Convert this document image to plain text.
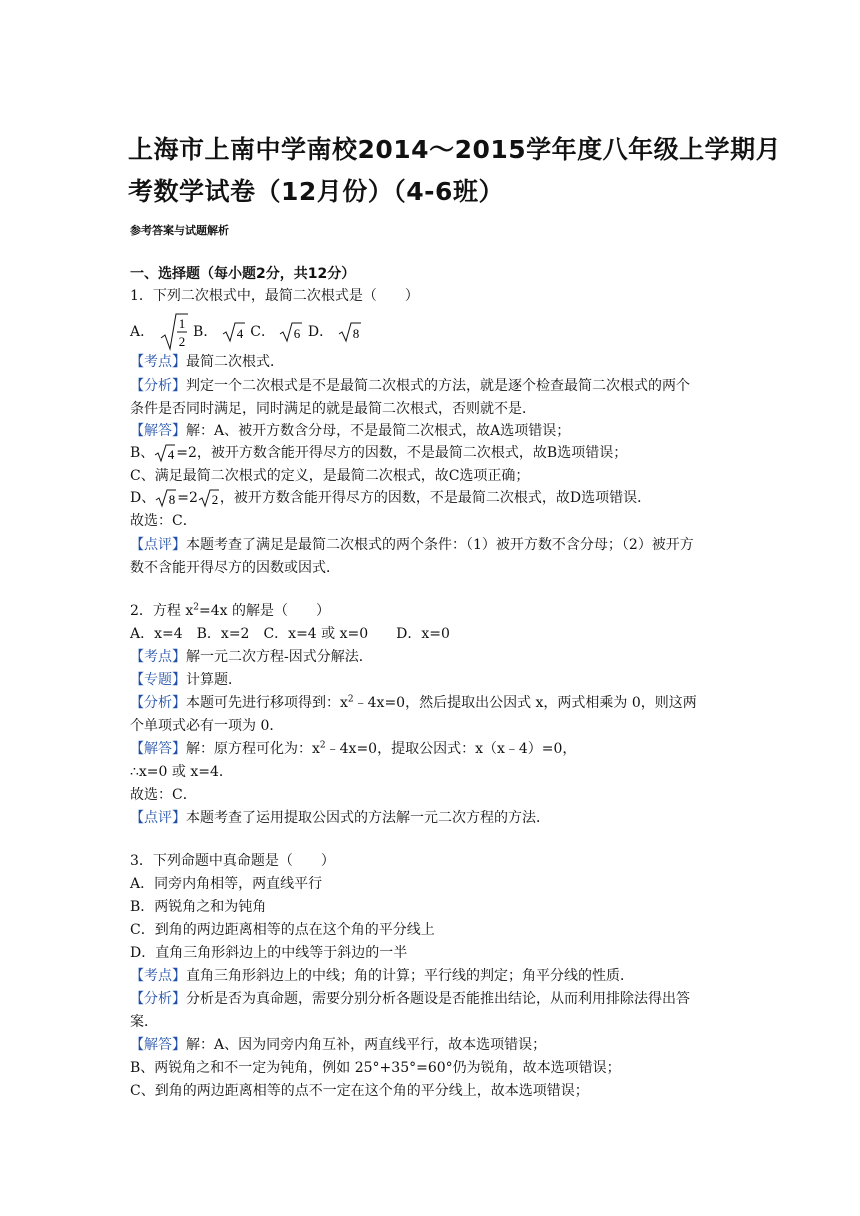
上海市上南中学南校2014～2015学年度八年级上学期月
考数学试卷（12月份）（4-6班）
参考答案与试题解析
一、选择题（每小题2分，共12分）
1．下列二次根式中，最简二次根式是（　　）
A．
1
2
B． 4 C． 6 D． 8
【考点】最简二次根式．
【分析】判定一个二次根式是不是最简二次根式的方法，就是逐个检查最简二次根式的两个
条件是否同时满足，同时满足的就是最简二次根式，否则就不是．
【解答】解：A、被开方数含分母，不是最简二次根式，故A选项错误；
B、 4 =2，被开方数含能开得尽方的因数，不是最简二次根式，故B选项错误；
C、满足最简二次根式的定义，是最简二次根式，故C选项正确；
D、 8 =2 2 ，被开方数含能开得尽方的因数，不是最简二次根式，故D选项错误．
故选：C．
【点评】本题考查了满足是最简二次根式的两个条件：（1）被开方数不含分母；（2）被开方
数不含能开得尽方的因数或因式．
2．方程 $x^2=4x$ 的解是（　　）
A．x=4　B．x=2　C．x=4 或 x=0　　D．x=0
【考点】解一元二次方程-因式分解法．
【专题】计算题．
【分析】本题可先进行移项得到：$x^2﹣4x=0$，然后提取出公因式 x，两式相乘为 0，则这两
个单项式必有一项为 0．
【解答】解：原方程可化为：$x^2﹣4x=0$，提取公因式：x（x﹣4）=0，
∴x=0 或 x=4．
故选：C．
【点评】本题考查了运用提取公因式的方法解一元二次方程的方法．
3．下列命题中真命题是（　　）
A．同旁内角相等，两直线平行
B．两锐角之和为钝角
C．到角的两边距离相等的点在这个角的平分线上
D．直角三角形斜边上的中线等于斜边的一半
【考点】直角三角形斜边上的中线；角的计算；平行线的判定；角平分线的性质．
【分析】分析是否为真命题，需要分别分析各题设是否能推出结论，从而利用排除法得出答
案．
【解答】解：A、因为同旁内角互补，两直线平行，故本选项错误；
B、两锐角之和不一定为钝角，例如 25°+35°=60°仍为锐角，故本选项错误；
C、到角的两边距离相等的点不一定在这个角的平分线上，故本选项错误；
